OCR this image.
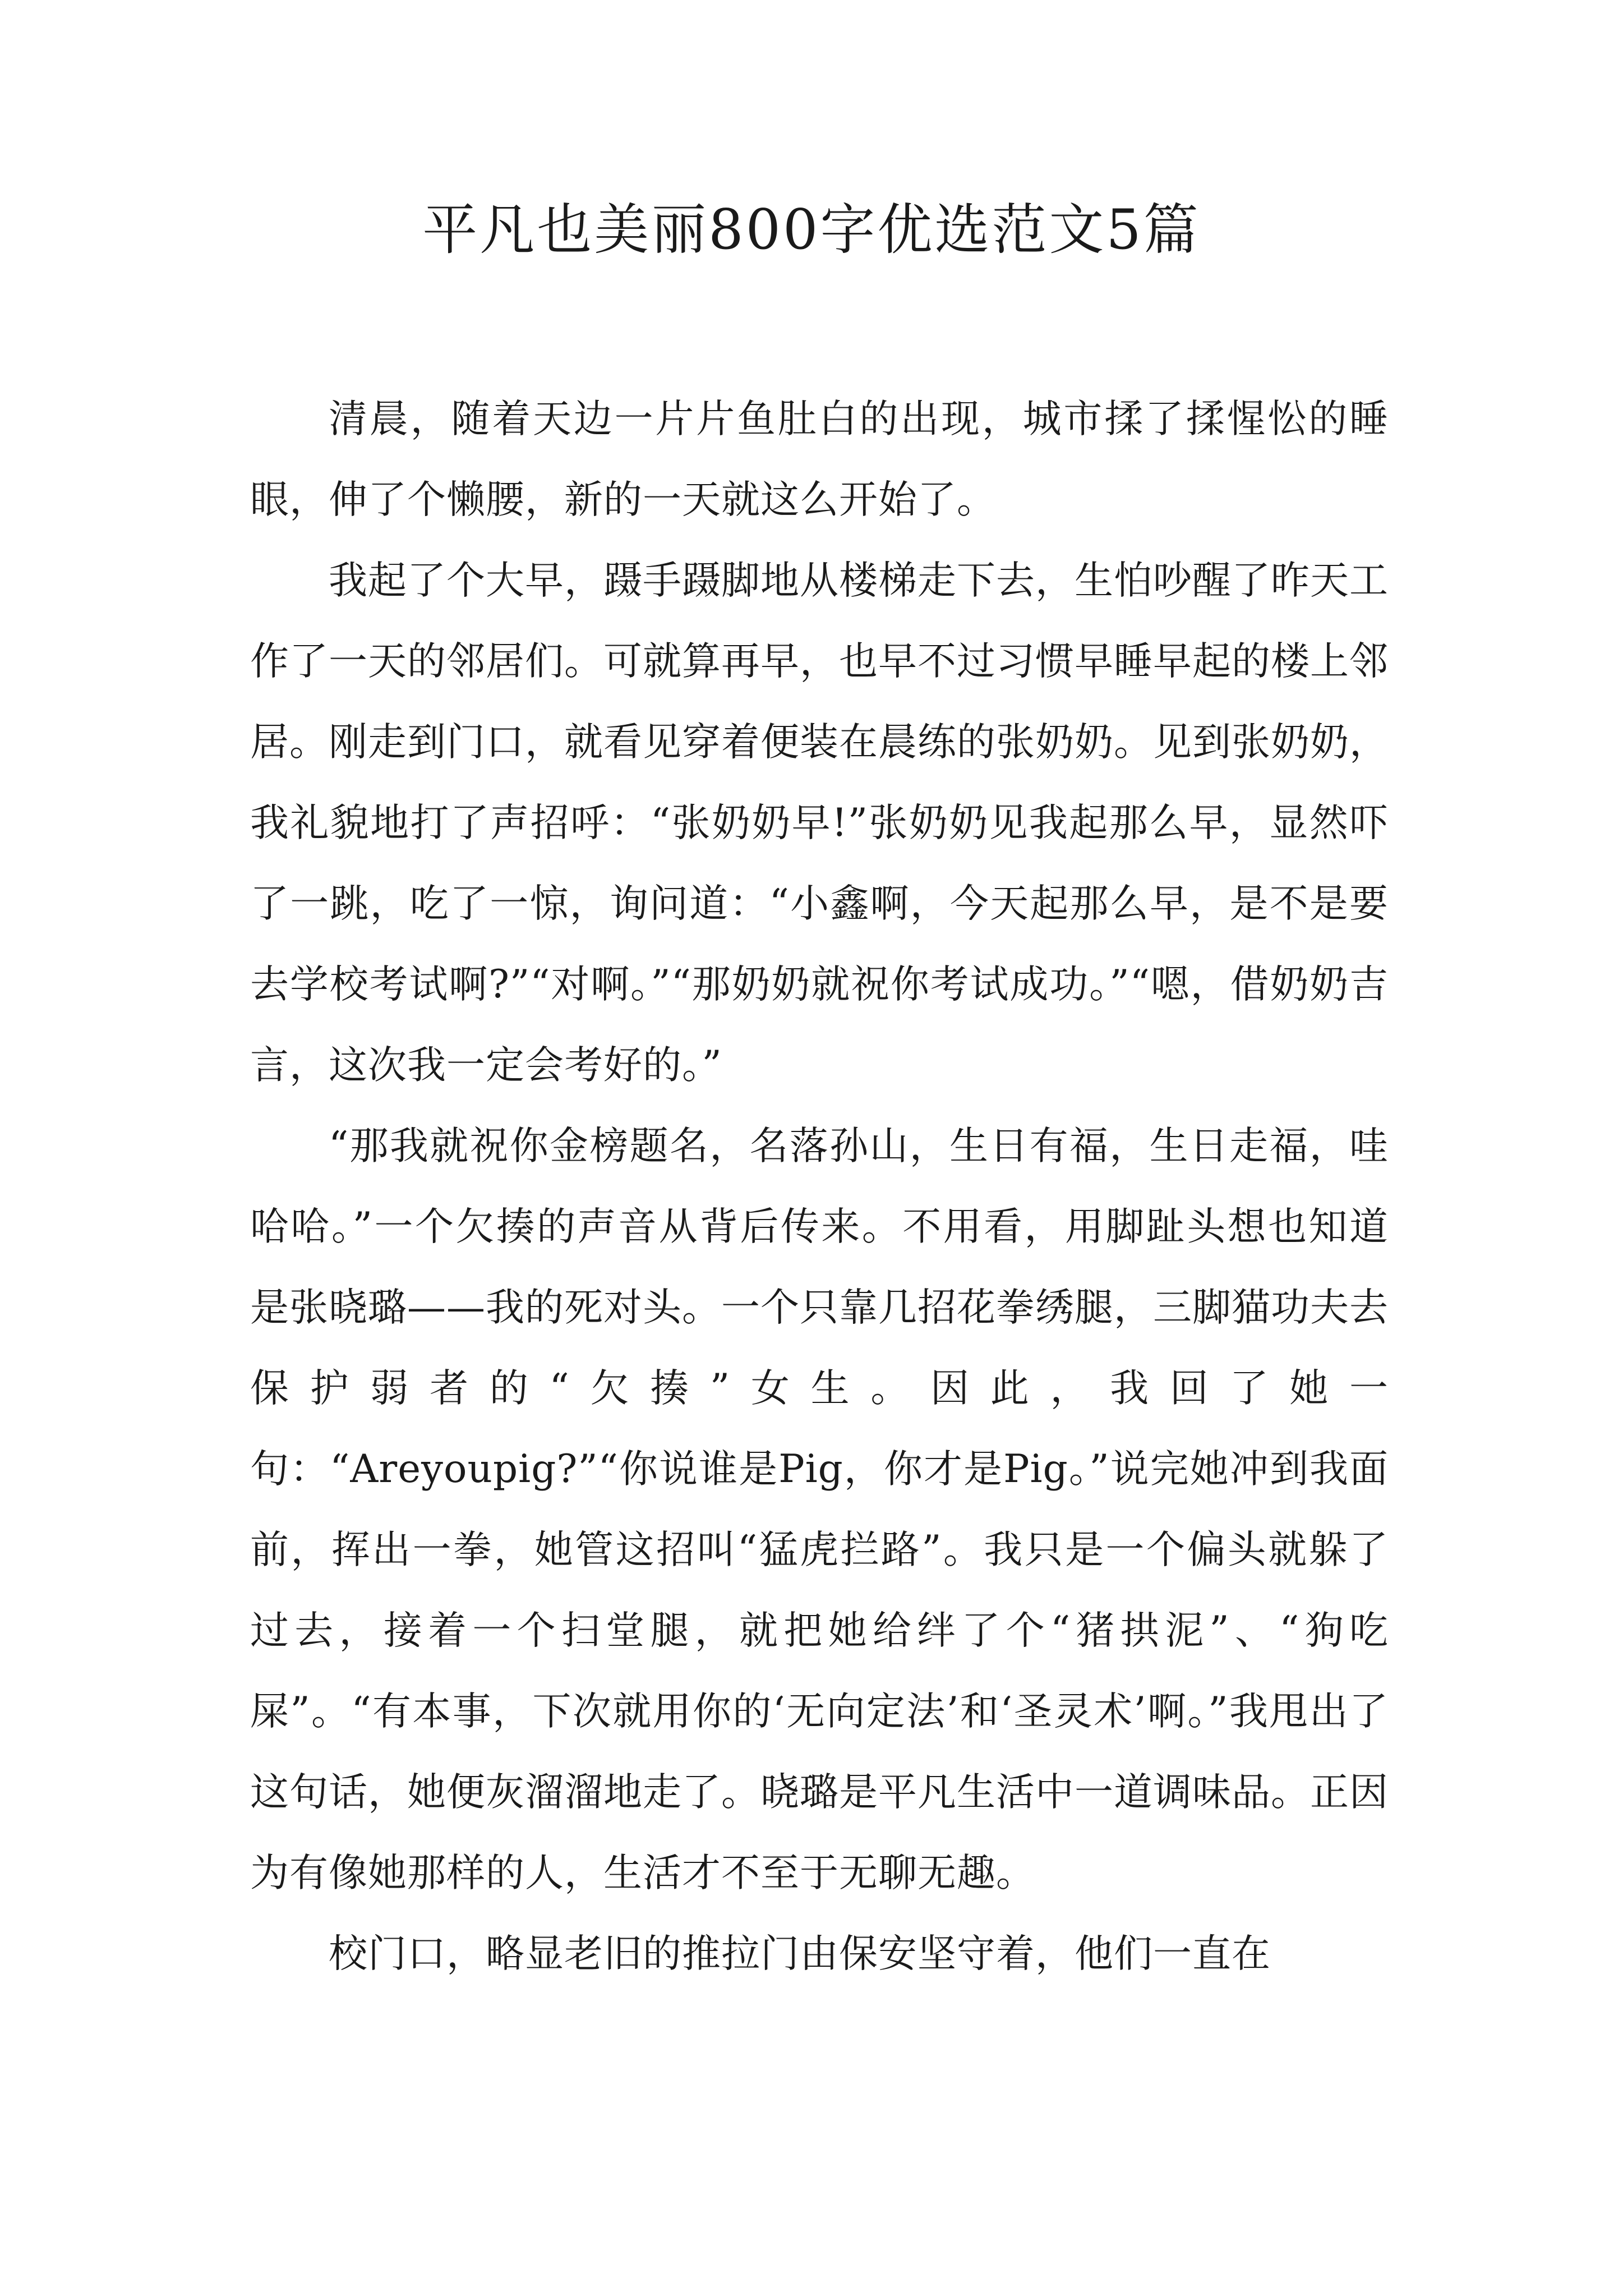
平凡也美丽800字优选范文5篇

清晨，随着天边一片片鱼肚白的出现，城市揉了揉惺忪的睡眼，伸了个懒腰，新的一天就这么开始了。

我起了个大早，蹑手蹑脚地从楼梯走下去，生怕吵醒了昨天工作了一天的邻居们。可就算再早，也早不过习惯早睡早起的楼上邻居。刚走到门口，就看见穿着便装在晨练的张奶奶。见到张奶奶，我礼貌地打了声招呼：“张奶奶早!”张奶奶见我起那么早，显然吓了一跳，吃了一惊，询问道：“小鑫啊，今天起那么早，是不是要去学校考试啊?”“对啊。”“那奶奶就祝你考试成功。”“嗯，借奶奶吉言，这次我一定会考好的。”

“那我就祝你金榜题名，名落孙山，生日有福，生日走福，哇哈哈。”一个欠揍的声音从背后传来。不用看，用脚趾头想也知道是张晓璐——我的死对头。一个只靠几招花拳绣腿，三脚猫功夫去保护弱者的“欠揍”女生。因此，我回了她一句：“Areyoupig?”“你说谁是Pig，你才是Pig。”说完她冲到我面前，挥出一拳，她管这招叫“猛虎拦路”。我只是一个偏头就躲了过去，接着一个扫堂腿，就把她给绊了个“猪拱泥”、“狗吃屎”。“有本事，下次就用你的‘无向定法’和‘圣灵术’啊。”我甩出了这句话，她便灰溜溜地走了。晓璐是平凡生活中一道调味品。正因为有像她那样的人，生活才不至于无聊无趣。

校门口，略显老旧的推拉门由保安坚守着，他们一直在
